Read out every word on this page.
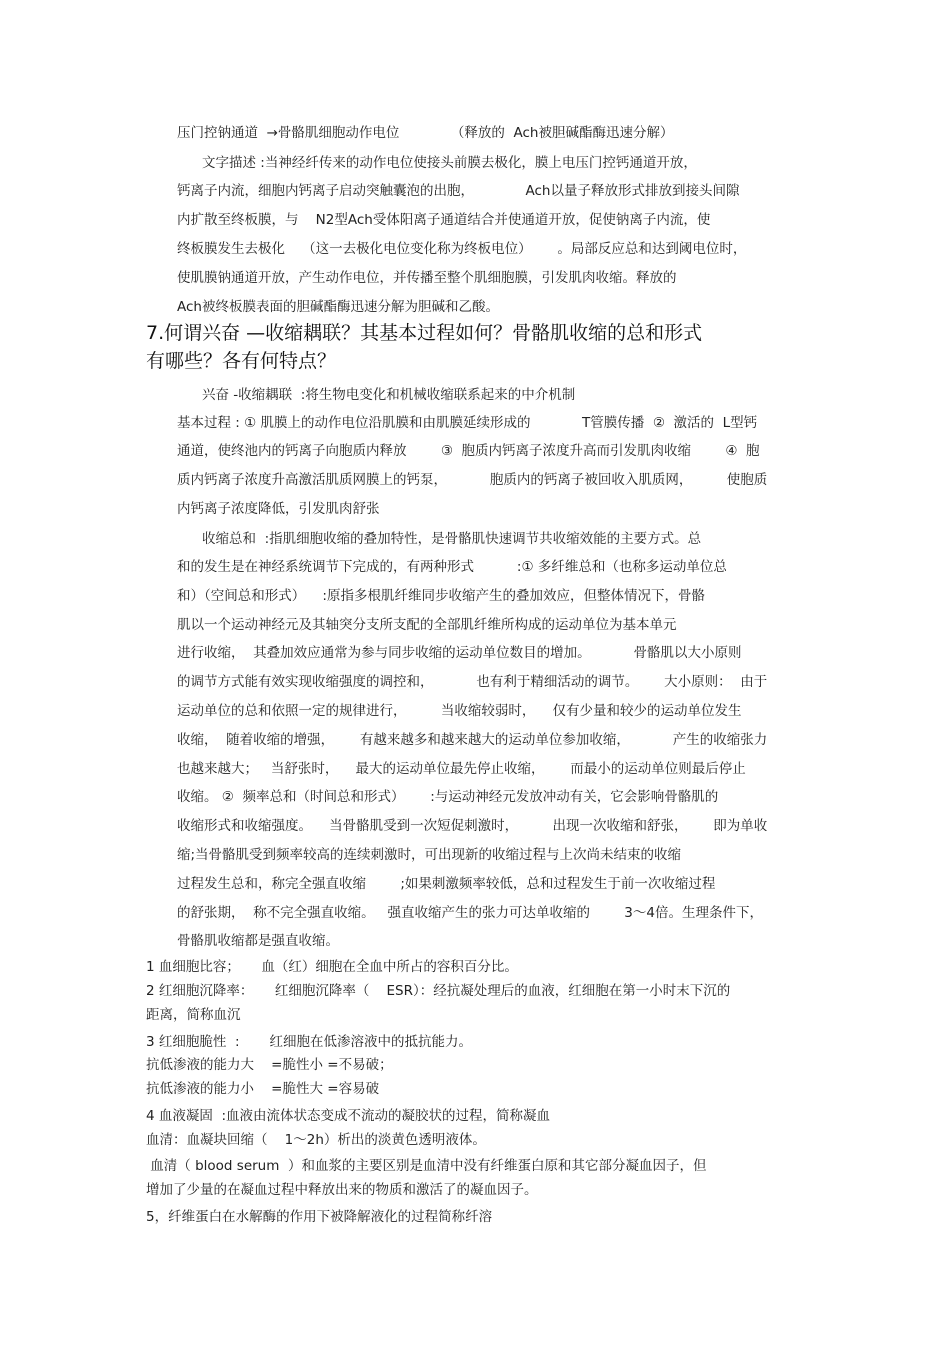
压门控钠通道  →骨骼肌细胞动作电位            （释放的  Ach被胆碱酯酶迅速分解）
文字描述 :当神经纤传来的动作电位使接头前膜去极化，膜上电压门控钙通道开放，
钙离子内流，细胞内钙离子启动突触囊泡的出胞，            Ach以量子释放形式排放到接头间隙
内扩散至终板膜，与    N2型Ach受体阳离子通道结合并使通道开放，促使钠离子内流，使
终板膜发生去极化    （这一去极化电位变化称为终板电位）      。局部反应总和达到阈电位时，
使肌膜钠通道开放，产生动作电位，并传播至整个肌细胞膜，引发肌肉收缩。释放的
Ach被终板膜表面的胆碱酯酶迅速分解为胆碱和乙酸。
7.何谓兴奋 —收缩耦联？其基本过程如何？骨骼肌收缩的总和形式
有哪些？各有何特点？
兴奋 -收缩耦联  :将生物电变化和机械收缩联系起来的中介机制
基本过程 : ① 肌膜上的动作电位沿肌膜和由肌膜延续形成的            T管膜传播  ②  激活的  L型钙
通道，使终池内的钙离子向胞质内释放        ③  胞质内钙离子浓度升高而引发肌肉收缩        ④  胞
质内钙离子浓度升高激活肌质网膜上的钙泵，          胞质内的钙离子被回收入肌质网，        使胞质
内钙离子浓度降低，引发肌肉舒张
收缩总和  :指肌细胞收缩的叠加特性，是骨骼肌快速调节共收缩效能的主要方式。总
和的发生是在神经系统调节下完成的，有两种形式          :① 多纤维总和（也称多运动单位总
和）（空间总和形式）    :原指多根肌纤维同步收缩产生的叠加效应，但整体情况下，骨骼
肌以一个运动神经元及其轴突分支所支配的全部肌纤维所构成的运动单位为基本单元
进行收缩，  其叠加效应通常为参与同步收缩的运动单位数目的增加。          骨骼肌以大小原则
的调节方式能有效实现收缩强度的调控和，          也有利于精细活动的调节。      大小原则：  由于
运动单位的总和依照一定的规律进行，        当收缩较弱时，    仅有少量和较少的运动单位发生
收缩，  随着收缩的增强，      有越来越多和越来越大的运动单位参加收缩，          产生的收缩张力
也越来越大；   当舒张时，    最大的运动单位最先停止收缩，      而最小的运动单位则最后停止
收缩。 ②  频率总和（时间总和形式）      :与运动神经元发放冲动有关，它会影响骨骼肌的
收缩形式和收缩强度。    当骨骼肌受到一次短促刺激时，        出现一次收缩和舒张，      即为单收
缩;当骨骼肌受到频率较高的连续刺激时，可出现新的收缩过程与上次尚未结束的收缩
过程发生总和，称完全强直收缩        ;如果刺激频率较低，总和过程发生于前一次收缩过程
的舒张期，  称不完全强直收缩。   强直收缩产生的张力可达单收缩的        3～4倍。生理条件下，
骨骼肌收缩都是强直收缩。
1 血细胞比容；     血（红）细胞在全血中所占的容积百分比。
2 红细胞沉降率：     红细胞沉降率（    ESR）：经抗凝处理后的血液，红细胞在第一小时末下沉的
距离，简称血沉
3 红细胞脆性  :       红细胞在低渗溶液中的抵抗能力。
抗低渗液的能力大    =脆性小 =不易破；
抗低渗液的能力小    =脆性大 =容易破
4 血液凝固  :血液由流体状态变成不流动的凝胶状的过程，简称凝血
血清：血凝块回缩（    1～2h）析出的淡黄色透明液体。
血清（ blood serum  ）和血浆的主要区别是血清中没有纤维蛋白原和其它部分凝血因子，但
增加了少量的在凝血过程中释放出来的物质和激活了的凝血因子。
5，纤维蛋白在水解酶的作用下被降解液化的过程简称纤溶
